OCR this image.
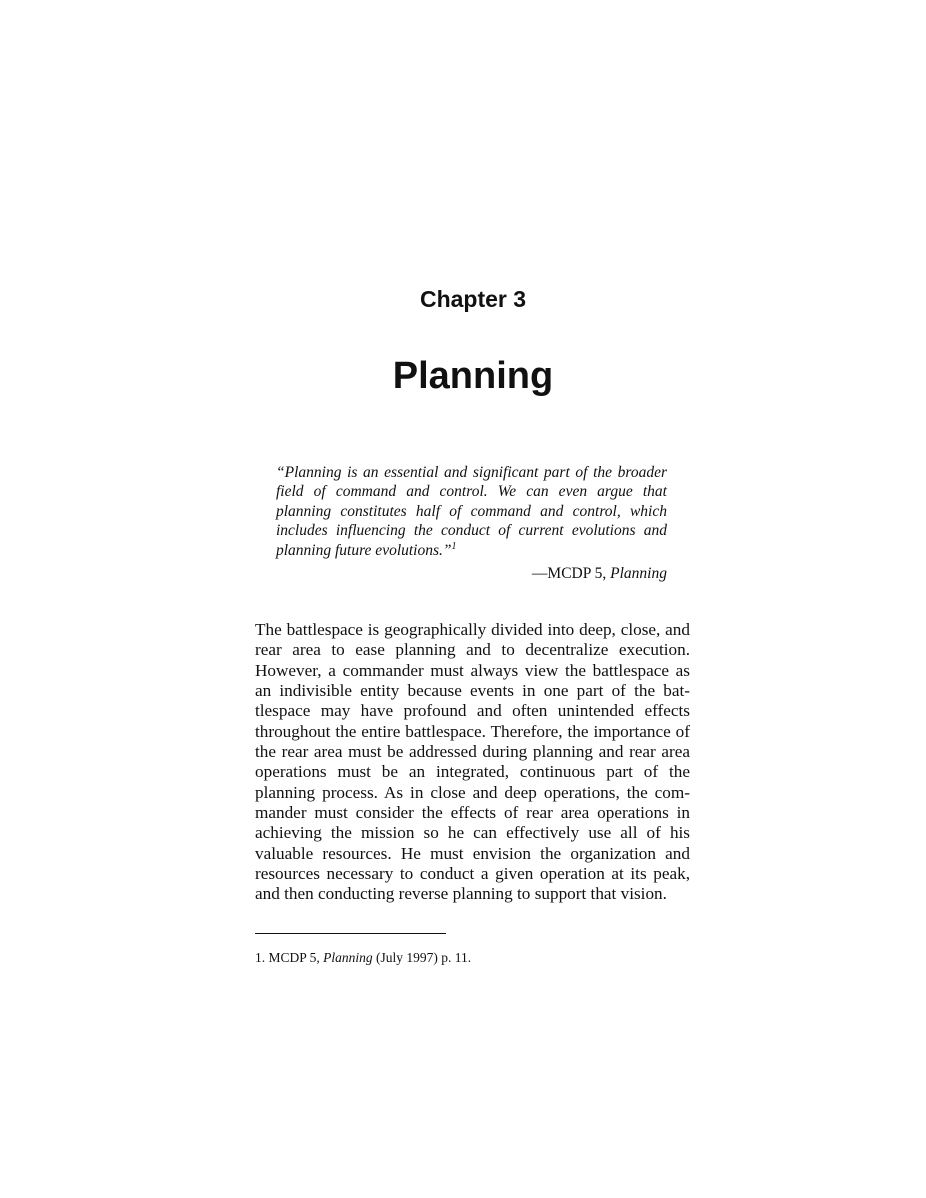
Chapter 3
Planning

“Planning is an essential and significant part of the broader field of command and control. We can even argue that planning constitutes half of command and control, which includes influencing the conduct of current evolutions and planning future evolutions.”$^1$

—MCDP 5, Planning

The battlespace is geographically divided into deep, close, and rear area to ease planning and to decentralize execution. However, a commander must always view the battlespace as an indivisible entity because events in one part of the battlespace may have profound and often unintended effects throughout the entire battlespace. Therefore, the importance of the rear area must be addressed during planning and rear area operations must be an integrated, continuous part of the planning process. As in close and deep operations, the commander must consider the effects of rear area operations in achieving the mission so he can effectively use all of his valuable resources. He must envision the organization and resources necessary to conduct a given operation at its peak, and then conducting reverse planning to support that vision.

1. MCDP 5, Planning (July 1997) p. 11.
